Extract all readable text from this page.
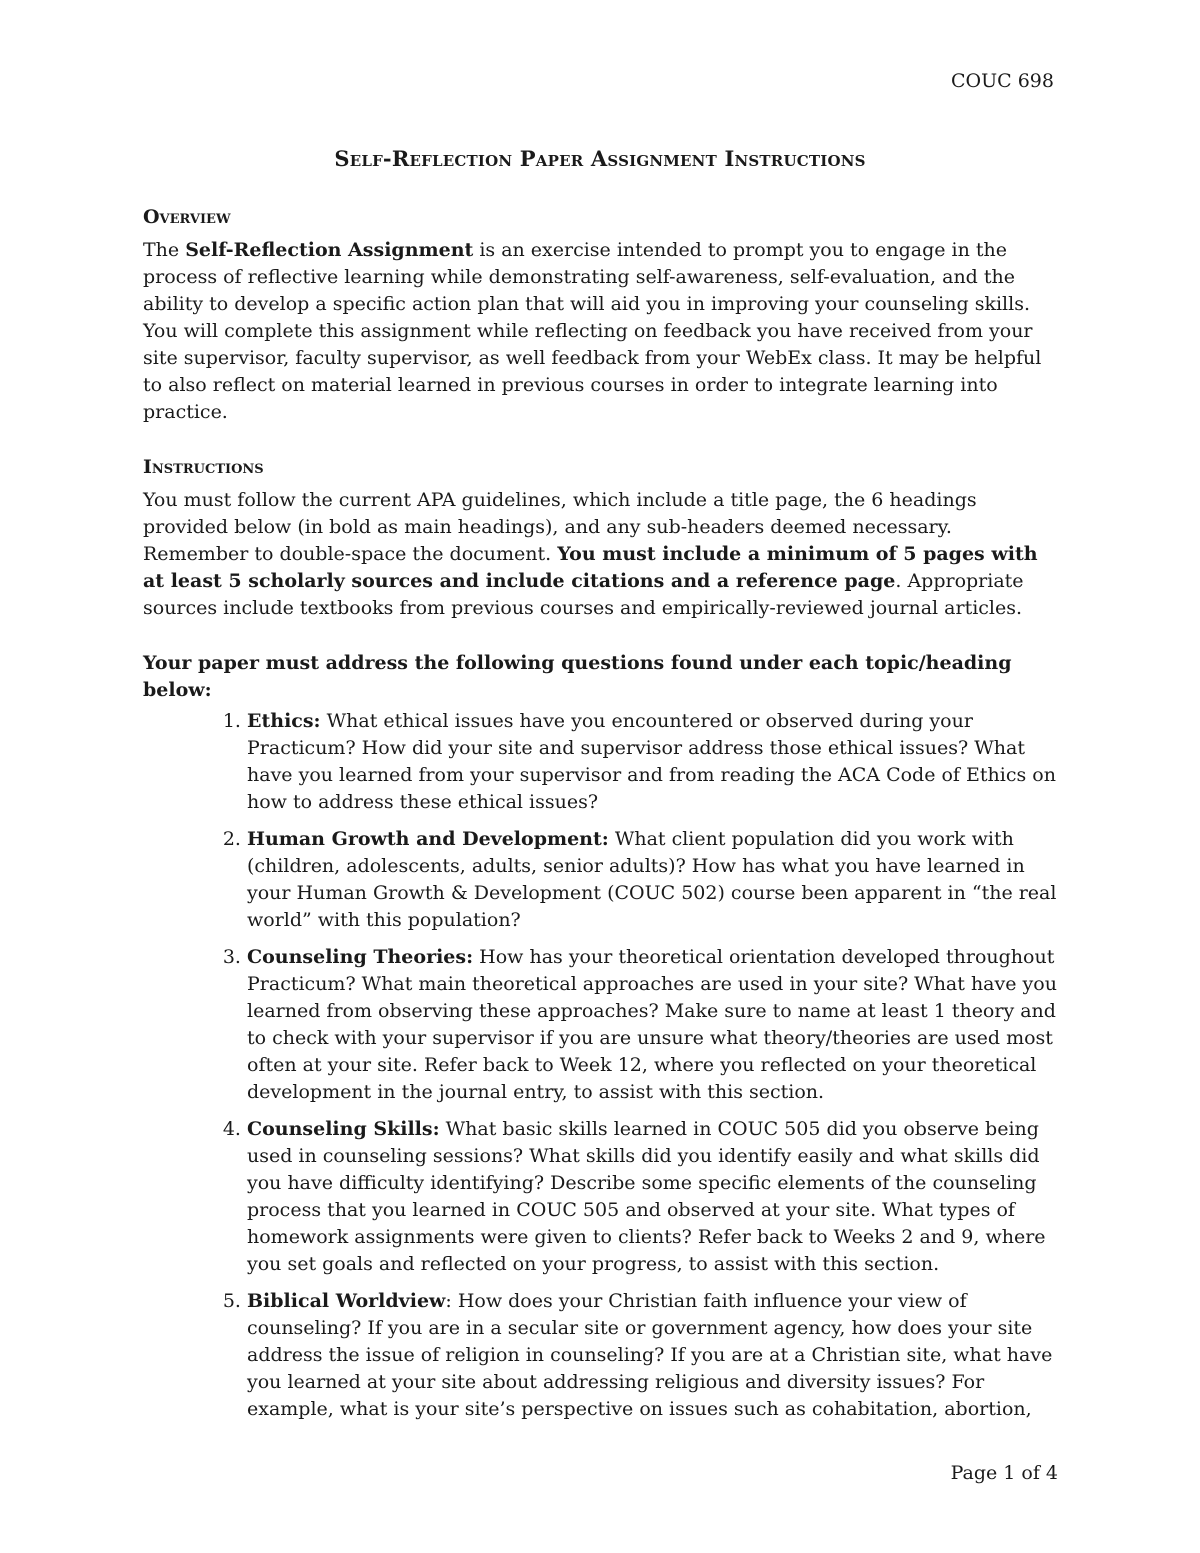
COUC 698
Self-Reflection Paper Assignment Instructions
Overview

The Self-Reflection Assignment is an exercise intended to prompt you to engage in the process of reflective learning while demonstrating self-awareness, self-evaluation, and the ability to develop a specific action plan that will aid you in improving your counseling skills. You will complete this assignment while reflecting on feedback you have received from your site supervisor, faculty supervisor, as well feedback from your WebEx class. It may be helpful to also reflect on material learned in previous courses in order to integrate learning into practice.

Instructions

You must follow the current APA guidelines, which include a title page, the 6 headings provided below (in bold as main headings), and any sub-headers deemed necessary. Remember to double-space the document. You must include a minimum of 5 pages with at least 5 scholarly sources and include citations and a reference page. Appropriate sources include textbooks from previous courses and empirically-reviewed journal articles.

Your paper must address the following questions found under each topic/heading below:

1. Ethics: What ethical issues have you encountered or observed during your Practicum? How did your site and supervisor address those ethical issues? What have you learned from your supervisor and from reading the ACA Code of Ethics on how to address these ethical issues?
2. Human Growth and Development: What client population did you work with (children, adolescents, adults, senior adults)? How has what you have learned in your Human Growth & Development (COUC 502) course been apparent in “the real world” with this population?
3. Counseling Theories: How has your theoretical orientation developed throughout Practicum? What main theoretical approaches are used in your site? What have you learned from observing these approaches? Make sure to name at least 1 theory and to check with your supervisor if you are unsure what theory/theories are used most often at your site. Refer back to Week 12, where you reflected on your theoretical development in the journal entry, to assist with this section.
4. Counseling Skills: What basic skills learned in COUC 505 did you observe being used in counseling sessions? What skills did you identify easily and what skills did you have difficulty identifying? Describe some specific elements of the counseling process that you learned in COUC 505 and observed at your site. What types of homework assignments were given to clients? Refer back to Weeks 2 and 9, where you set goals and reflected on your progress, to assist with this section.
5. Biblical Worldview: How does your Christian faith influence your view of counseling? If you are in a secular site or government agency, how does your site address the issue of religion in counseling? If you are at a Christian site, what have you learned at your site about addressing religious and diversity issues? For example, what is your site’s perspective on issues such as cohabitation, abortion,
Page 1 of 4
